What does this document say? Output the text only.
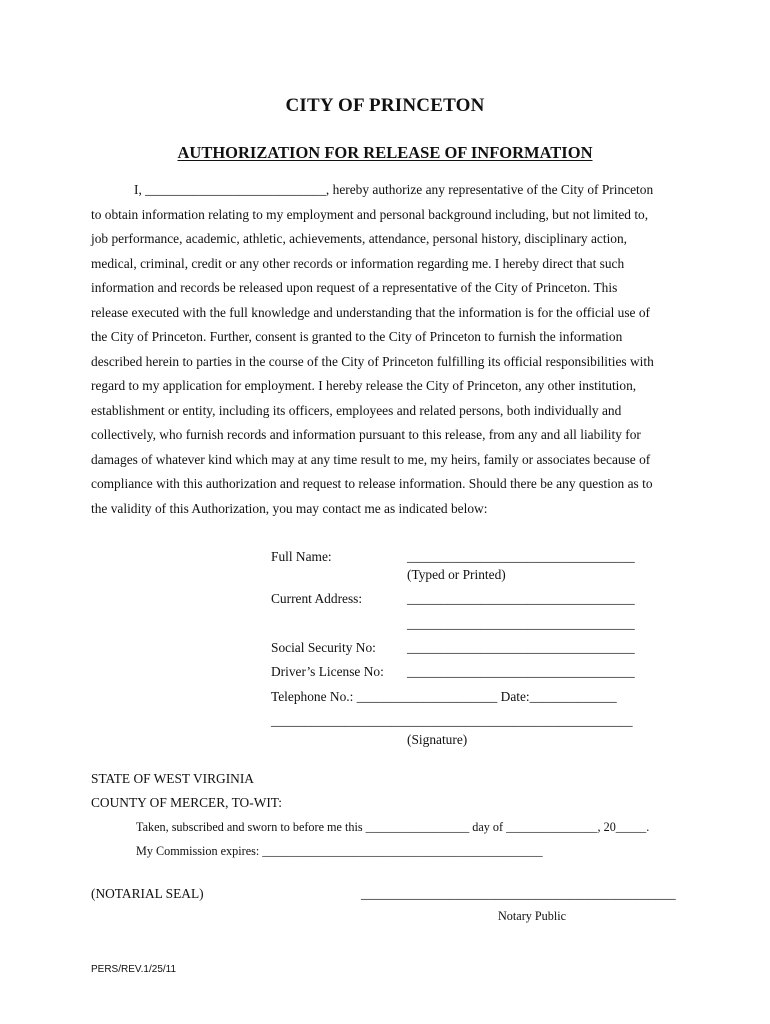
CITY OF PRINCETON
AUTHORIZATION FOR RELEASE OF INFORMATION
I, ___________________________, hereby authorize any representative of the City of Princeton
to obtain information relating to my employment and personal background including, but not limited to,
job performance, academic, athletic, achievements, attendance, personal history, disciplinary action,
medical, criminal, credit or any other records or information regarding me. I hereby direct that such
information and records be released upon request of a representative of the City of Princeton. This
release executed with the full knowledge and understanding that the information is for the official use of
the City of Princeton. Further, consent is granted to the City of Princeton to furnish the information
described herein to parties in the course of the City of Princeton fulfilling its official responsibilities with
regard to my application for employment. I hereby release the City of Princeton, any other institution,
establishment or entity, including its officers, employees and related persons, both individually and
collectively, who furnish records and information pursuant to this release, from any and all liability for
damages of whatever kind which may at any time result to me, my heirs, family or associates because of
compliance with this authorization and request to release information. Should there be any question as to
the validity of this Authorization, you may contact me as indicated below:
Full Name:	__________________________________
(Typed or Printed)
Current Address:	__________________________________
__________________________________
Social Security No: __________________________________
Driver’s License No: __________________________________
Telephone No.: _____________________ Date:_____________
______________________________________________________
(Signature)
STATE OF WEST VIRGINIA
COUNTY OF MERCER, TO-WIT:
Taken, subscribed and sworn to before me this _________________ day of _______________, 20_____.
My Commission expires: ______________________________________________
(NOTARIAL SEAL)	_______________________________________________
Notary Public
PERS/REV.1/25/11
